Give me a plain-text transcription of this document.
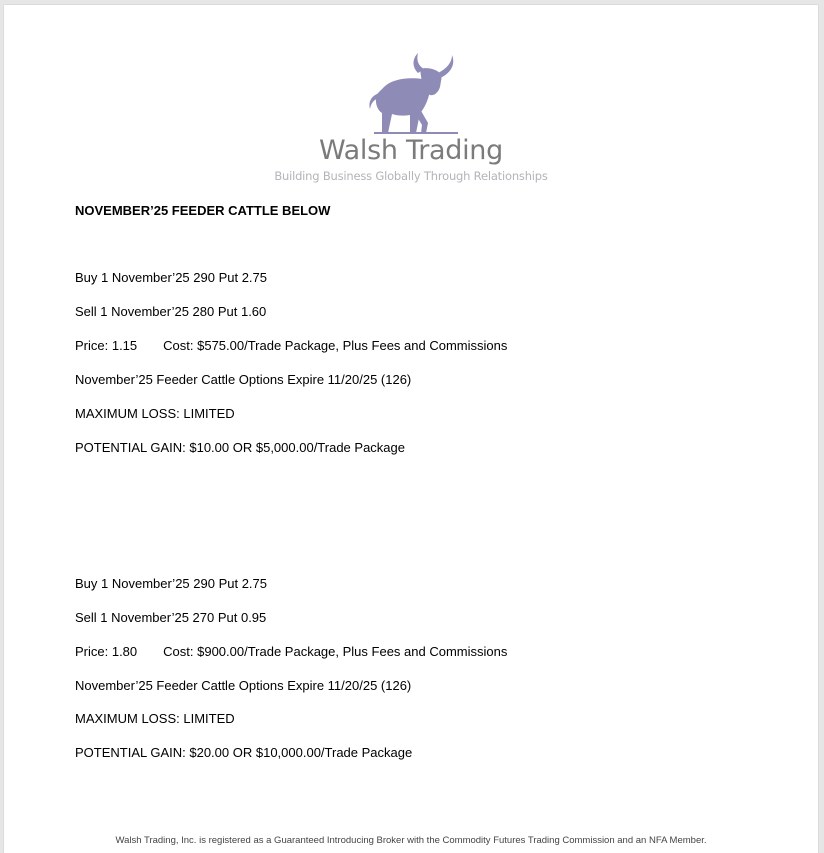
Walsh Trading
Building Business Globally Through Relationships
NOVEMBER’25 FEEDER CATTLE BELOW
Buy 1 November’25 290 Put 2.75
Sell 1 November’25 280 Put 1.60
Price: 1.15 Cost: $575.00/Trade Package, Plus Fees and Commissions
November’25 Feeder Cattle Options Expire 11/20/25 (126)
MAXIMUM LOSS: LIMITED
POTENTIAL GAIN: $10.00 OR $5,000.00/Trade Package
Buy 1 November’25 290 Put 2.75
Sell 1 November’25 270 Put 0.95
Price: 1.80 Cost: $900.00/Trade Package, Plus Fees and Commissions
November’25 Feeder Cattle Options Expire 11/20/25 (126)
MAXIMUM LOSS: LIMITED
POTENTIAL GAIN: $20.00 OR $10,000.00/Trade Package
Walsh Trading, Inc. is registered as a Guaranteed Introducing Broker with the Commodity Futures Trading Commission and an NFA Member.
